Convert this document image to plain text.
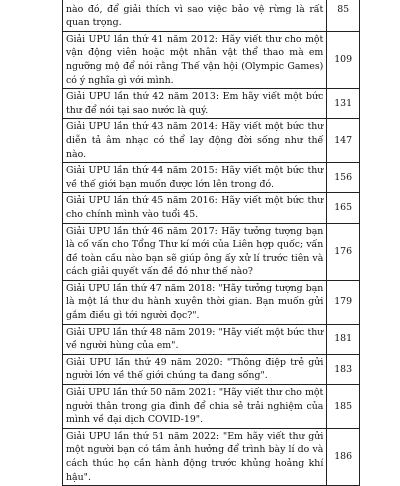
nào đó, để giải thích vì sao việc bảo vệ rừng là rất quan trọng.	85
Giải UPU lần thứ 41 năm 2012: Hãy viết thư cho một vận động viên hoặc một nhân vật thể thao mà em ngưỡng mộ để nói rằng Thế vận hội (Olympic Games) có ý nghĩa gì với mình.	109
Giải UPU lần thứ 42 năm 2013: Em hãy viết một bức thư để nói tại sao nước là quý.	131
Giải UPU lần thứ 43 năm 2014: Hãy viết một bức thư diễn tả âm nhạc có thể lay động đời sống như thế nào.	147
Giải UPU lần thứ 44 năm 2015: Hãy viết một bức thư về thế giới bạn muốn được lớn lên trong đó.	156
Giải UPU lần thứ 45 năm 2016: Hãy viết một bức thư cho chính mình vào tuổi 45.	165
Giải UPU lần thứ 46 năm 2017: Hãy tưởng tượng bạn là cố vấn cho Tổng Thư kí mới của Liên hợp quốc; vấn đề toàn cầu nào bạn sẽ giúp ông ấy xử lí trước tiên và cách giải quyết vấn đề đó như thế nào?	176
Giải UPU lần thứ 47 năm 2018: "Hãy tưởng tượng bạn là một lá thư du hành xuyên thời gian. Bạn muốn gửi gắm điều gì tới người đọc?".	179
Giải UPU lần thứ 48 năm 2019: "Hãy viết một bức thư về người hùng của em".	181
Giải UPU lần thứ 49 năm 2020: "Thông điệp trẻ gửi người lớn về thế giới chúng ta đang sống".	183
Giải UPU lần thứ 50 năm 2021: "Hãy viết thư cho một người thân trong gia đình để chia sẻ trải nghiệm của mình về đại dịch COVID-19".	185
Giải UPU lần thứ 51 năm 2022: "Em hãy viết thư gửi một người bạn có tầm ảnh hưởng để trình bày lí do và cách thúc họ cần hành động trước khủng hoảng khí hậu".	186
